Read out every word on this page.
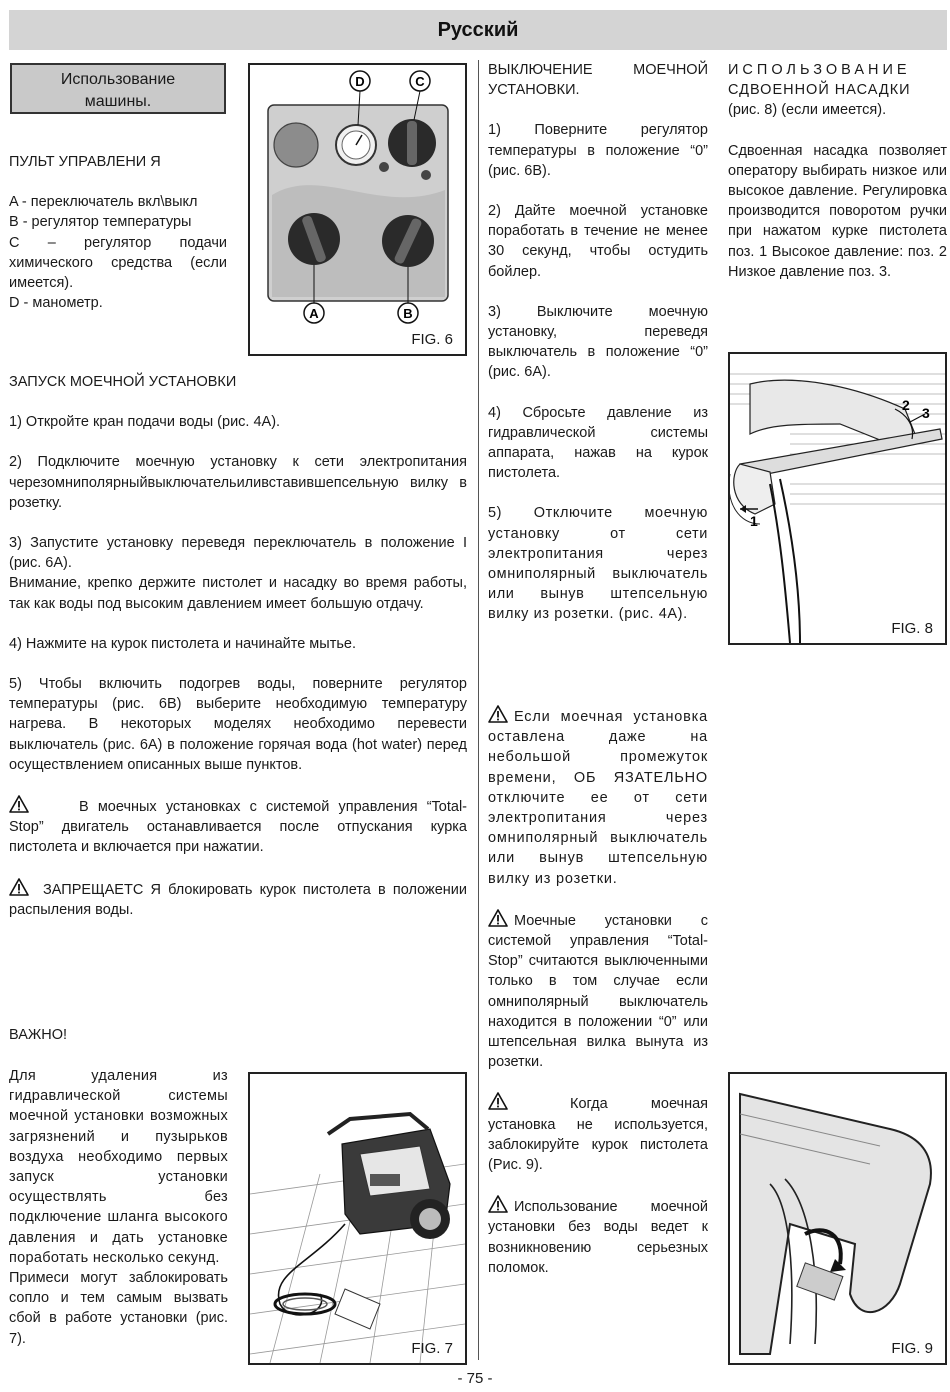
Русский
Использование
машины.

ПУЛЬТ УПРАВЛЕНИ Я

A - переключатель вкл\выкл

B - регулятор температуры

C – регулятор подачи химического средства (если имеется).

D - манометр.

D	C
A	B
FIG. 6

ЗАПУСК МОЕЧНОЙ УСТАНОВКИ

1) Откройте кран подачи воды (рис. 4A).

2) Подключите моечную установку к сети электропитания черезомниполярныйвыключательиливставившепсельную вилку в розетку.

3) Запустите установку переведя переключатель в положение I (рис. 6A).

Внимание, крепко держите пистолет и насадку во время работы, так как воды под высоким давлением имеет большую отдачу.

4) Нажмите на курок пистолета и начинайте мытье.

5) Чтобы включить подогрев воды, поверните регулятор температуры (рис. 6B) выберите необходимую температуру нагрева. В некоторых моделях необходимо перевести выключатель (рис. 6A) в положение горячая вода (hot water) перед осуществлением описанных выше пунктов.

В моечных установках с системой управления “Total-Stop” двигатель останавливается после отпускания курка пистолета и включается при нажатии.

ЗАПРЕЩАЕТС Я блокировать курок пистолета в положении распыления воды.

ВАЖНО!

Для удаления из гидравлической системы моечной установки возможных загрязнений и пузырьков воздуха необходимо первых запуск установки осуществлять без подключение шланга высокого давления и дать установке поработать несколько секунд.

Примеси могут заблокировать сопло и тем самым вызвать сбой в работе установки (рис. 7).

FIG. 7

ВЫКЛЮЧЕНИЕ МОЕЧНОЙ УСТАНОВКИ.

1) Поверните регулятор температуры в положение “0” (рис. 6B).

2) Дайте моечной установке поработать в течение не менее 30 секунд, чтобы остудить бойлер.

3) Выключите моечную установку, переведя выключатель в положение “0” (рис. 6A).

4) Сбросьте давление из гидравлической системы аппарата, нажав на курок пистолета.

5) Отключите моечную установку от сети электропитания через омниполярный выключатель или вынув штепсельную вилку из розетки. (рис. 4A).

Если моечная установка оставлена даже на небольшой промежуток времени, ОБ ЯЗАТЕЛЬНО отключите ее от сети электропитания через омниполярный выключатель или вынув штепсельную вилку из розетки.

Моечные установки с системой управления “Total-Stop” считаются выключенными только в том случае если омниполярный выключатель находится в положении “0” или штепсельная вилка вынута из розетки.

Когда моечная установка не используется, заблокируйте курок пистолета (Рис. 9).

Использование моечной установки без воды ведет к возникновению серьезных поломок.

ИСПОЛЬЗОВАНИЕ

СДВОЕННОЙ НАСАДКИ

(рис. 8) (если имеется).

Сдвоенная насадка позволяет оператору выбирать низкое или высокое давление. Регулировка производится поворотом ручки при нажатом курке пистолета поз. 1 Высокое давление: поз. 2 Низкое давление поз. 3.

1
2 3
FIG. 8
FIG. 9
- 75 -
